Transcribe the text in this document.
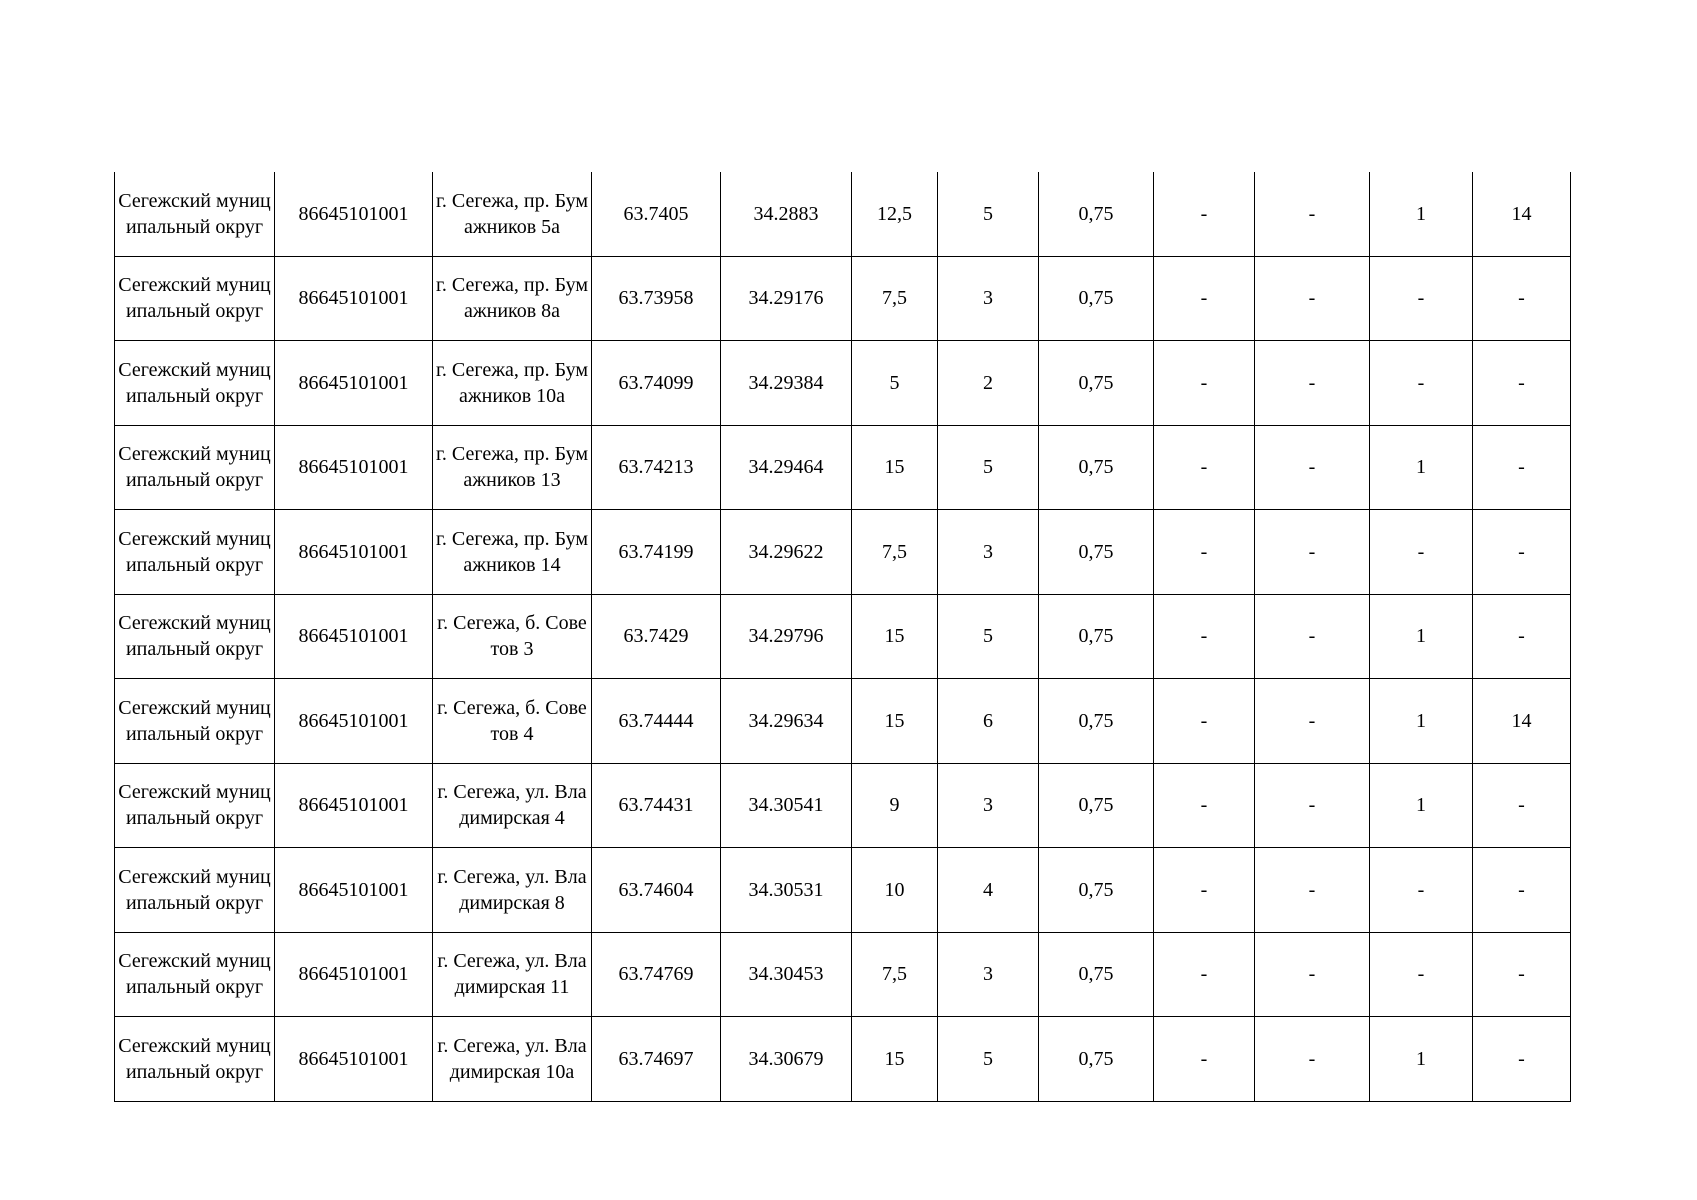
Сегежский муниципальный округ	86645101001	г. Сегежа, пр. Бумажников 5а	63.7405	34.2883	12,5	5	0,75	-	-	1	14
Сегежский муниципальный округ	86645101001	г. Сегежа, пр. Бумажников 8а	63.73958	34.29176	7,5	3	0,75	-	-	-	-
Сегежский муниципальный округ	86645101001	г. Сегежа, пр. Бумажников 10а	63.74099	34.29384	5	2	0,75	-	-	-	-
Сегежский муниципальный округ	86645101001	г. Сегежа, пр. Бумажников 13	63.74213	34.29464	15	5	0,75	-	-	1	-
Сегежский муниципальный округ	86645101001	г. Сегежа, пр. Бумажников 14	63.74199	34.29622	7,5	3	0,75	-	-	-	-
Сегежский муниципальный округ	86645101001	г. Сегежа, б. Советов 3	63.7429	34.29796	15	5	0,75	-	-	1	-
Сегежский муниципальный округ	86645101001	г. Сегежа, б. Советов 4	63.74444	34.29634	15	6	0,75	-	-	1	14
Сегежский муниципальный округ	86645101001	г. Сегежа, ул. Владимирская 4	63.74431	34.30541	9	3	0,75	-	-	1	-
Сегежский муниципальный округ	86645101001	г. Сегежа, ул. Владимирская 8	63.74604	34.30531	10	4	0,75	-	-	-	-
Сегежский муниципальный округ	86645101001	г. Сегежа, ул. Владимирская 11	63.74769	34.30453	7,5	3	0,75	-	-	-	-
Сегежский муниципальный округ	86645101001	г. Сегежа, ул. Владимирская 10а	63.74697	34.30679	15	5	0,75	-	-	1	-
